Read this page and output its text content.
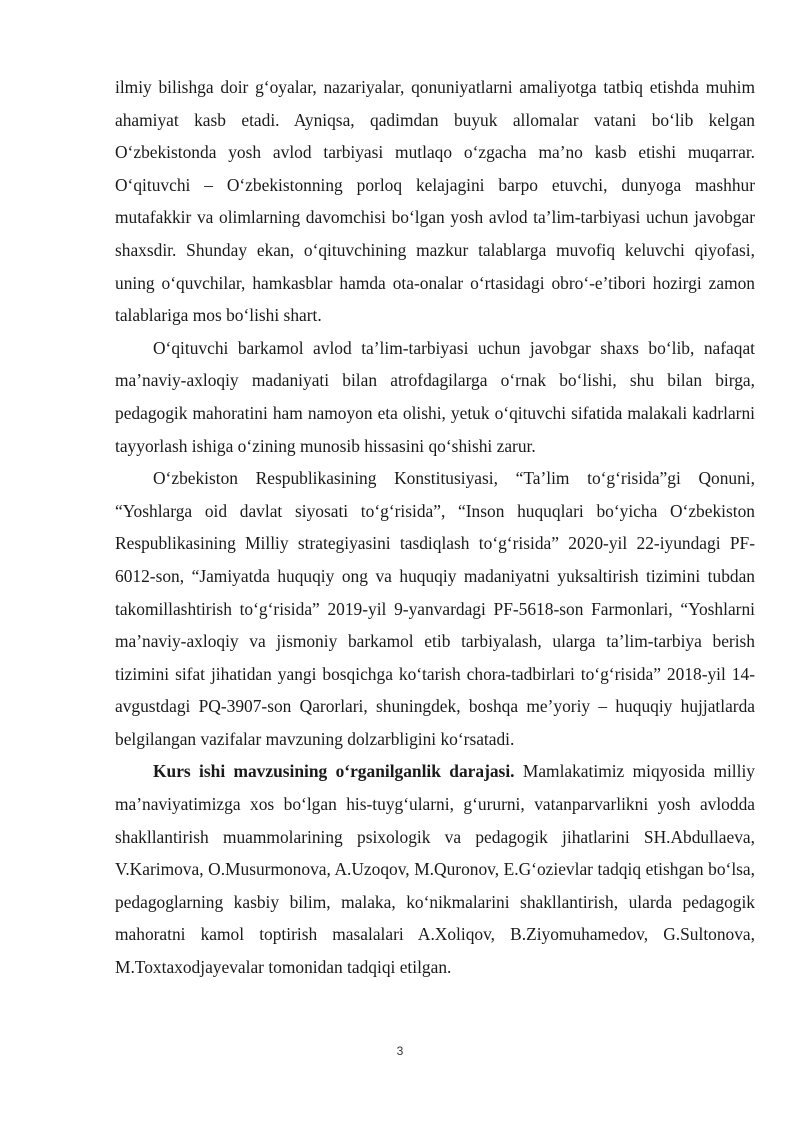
ilmiy bilishga doir g‘oyalar, nazariyalar, qonuniyatlarni amaliyotga tatbiq etishda muhim ahamiyat kasb etadi. Ayniqsa, qadimdan buyuk allomalar vatani bo‘lib kelgan O‘zbekistonda yosh avlod tarbiyasi mutlaqo o‘zgacha ma’no kasb etishi muqarrar. O‘qituvchi – O‘zbekistonning porloq kelajagini barpo etuvchi, dunyoga mashhur mutafakkir va olimlarning davomchisi bo‘lgan yosh avlod ta’lim-tarbiyasi uchun javobgar shaxsdir. Shunday ekan, o‘qituvchining mazkur talablarga muvofiq keluvchi qiyofasi, uning o‘quvchilar, hamkasblar hamda ota-onalar o‘rtasidagi obro‘-e’tibori hozirgi zamon talablariga mos bo‘lishi shart.

O‘qituvchi barkamol avlod ta’lim-tarbiyasi uchun javobgar shaxs bo‘lib, nafaqat ma’naviy-axloqiy madaniyati bilan atrofdagilarga o‘rnak bo‘lishi, shu bilan birga, pedagogik mahoratini ham namoyon eta olishi, yetuk o‘qituvchi sifatida malakali kadrlarni tayyorlash ishiga o‘zining munosib hissasini qo‘shishi zarur.

O‘zbekiston Respublikasining Konstitusiyasi, “Ta’lim to‘g‘risida”gi Qonuni, “Yoshlarga oid davlat siyosati to‘g‘risida”, “Inson huquqlari bo‘yicha O‘zbekiston Respublikasining Milliy strategiyasini tasdiqlash to‘g‘risida” 2020-yil 22-iyundagi PF-6012-son, “Jamiyatda huquqiy ong va huquqiy madaniyatni yuksaltirish tizimini tubdan takomillashtirish to‘g‘risida” 2019-yil 9-yanvardagi PF-5618-son Farmonlari, “Yoshlarni ma’naviy-axloqiy va jismoniy barkamol etib tarbiyalash, ularga ta’lim-tarbiya berish tizimini sifat jihatidan yangi bosqichga ko‘tarish chora-tadbirlari to‘g‘risida” 2018-yil 14-avgustdagi PQ-3907-son Qarorlari, shuningdek, boshqa me’yoriy – huquqiy hujjatlarda belgilangan vazifalar mavzuning dolzarbligini ko‘rsatadi.

Kurs ishi mavzusining o‘rganilganlik darajasi. Mamlakatimiz miqyosida milliy ma’naviyatimizga xos bo‘lgan his-tuyg‘ularni, g‘ururni, vatanparvarlikni yosh avlodda shakllantirish muammolarining psixologik va pedagogik jihatlarini SH.Abdullaeva, V.Karimova, O.Musurmonova, A.Uzoqov, M.Quronov, E.G‘ozievlar tadqiq etishgan bo‘lsa, pedagoglarning kasbiy bilim, malaka, ko‘nikmalarini shakllantirish, ularda pedagogik mahoratni kamol toptirish masalalari A.Xoliqov, B.Ziyomuhamedov, G.Sultonova, M.Toxtaxodjayevalar tomonidan tadqiqi etilgan.

3
